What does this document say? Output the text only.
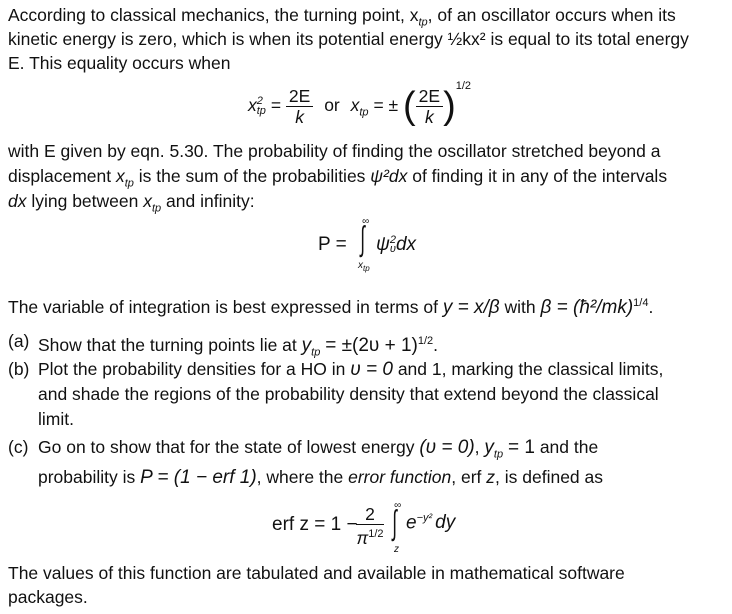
According to classical mechanics, the turning point, $x_{tp}$, of an oscillator occurs when its
kinetic energy is zero, which is when its potential energy ½kx² is equal to its total energy
E. This equality occurs when
x 2
tp = $\frac{2E}{k}$ or $x_{tp}$ = ± ( $\frac{2E}{k} )^{1/2}$
with E given by eqn. 5.30. The probability of finding the oscillator stretched beyond a
displacement $x_{tp}$ is the sum of the probabilities ψ²dx of finding it in any of the intervals
dx lying between $x_{tp}$ and infinity:
P =
∞
∫
$x_{tp}$
ψ 2
υ dx
The variable of integration is best expressed in terms of y = x/β with β = (ħ²/mk)$^{1/4}$.
(a) Show that the turning points lie at $y_{tp} = \pm(2\upsilon + 1)^{1/2}$.
(b) Plot the probability densities for a HO in υ = 0 and 1, marking the classical limits,
and shade the regions of the probability density that extend beyond the classical
limit.
(c) Go on to show that for the state of lowest energy (υ = 0), $y_{tp} = 1$ and the
probability is P = (1 − erf 1), where the error function, erf z, is defined as
erf z = 1 − 2
$\pi^{1/2}$
∞
∫
z
$e^{-y^2}$ dy
The values of this function are tabulated and available in mathematical software
packages.
